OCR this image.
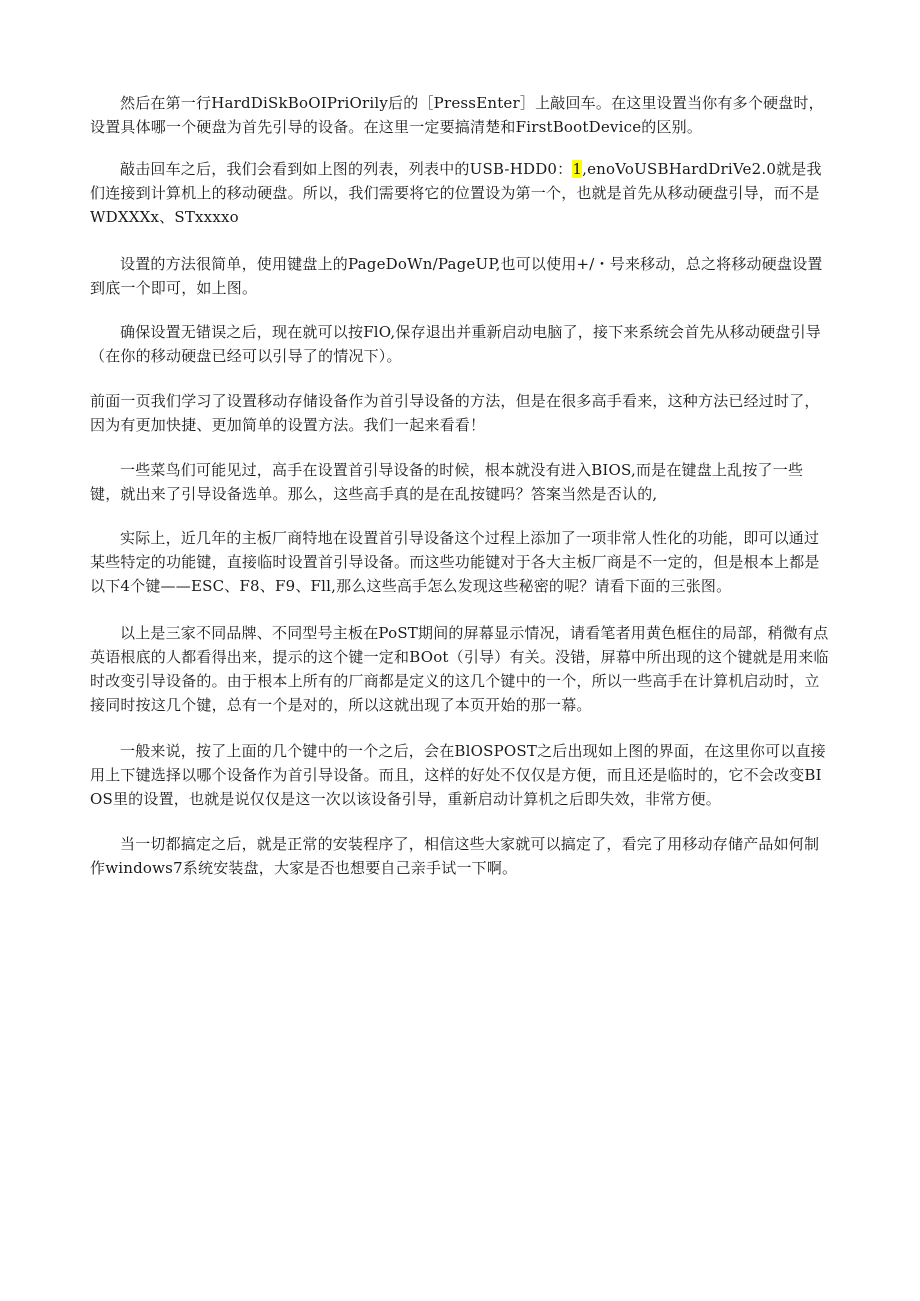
然后在第一行HardDiSkBoOIPriOrily后的［PressEnter］上敲回车。在这里设置当你有多个硬盘时，设置具体哪一个硬盘为首先引导的设备。在这里一定要搞清楚和FirstBootDevice的区别。

敲击回车之后，我们会看到如上图的列表，列表中的USB-HDD0：1,enoVoUSBHardDriVe2.0就是我们连接到计算机上的移动硬盘。所以，我们需要将它的位置设为第一个，也就是首先从移动硬盘引导，而不是WDXXXx、STxxxxo

设置的方法很简单，使用键盘上的PageDoWn/PageUP,也可以使用+/・号来移动，总之将移动硬盘设置到底一个即可，如上图。

确保设置无错误之后，现在就可以按FlO,保存退出并重新启动电脑了，接下来系统会首先从移动硬盘引导（在你的移动硬盘已经可以引导了的情况下）。

前面一页我们学习了设置移动存储设备作为首引导设备的方法，但是在很多高手看来，这种方法已经过时了，因为有更加快捷、更加简单的设置方法。我们一起来看看！

一些菜鸟们可能见过，高手在设置首引导设备的时候，根本就没有进入BIOS,而是在键盘上乱按了一些键，就出来了引导设备选单。那么，这些高手真的是在乱按键吗？答案当然是否认的,

实际上，近几年的主板厂商特地在设置首引导设备这个过程上添加了一项非常人性化的功能，即可以通过某些特定的功能键，直接临时设置首引导设备。而这些功能键对于各大主板厂商是不一定的，但是根本上都是以下4个键——ESC、F8、F9、Fll,那么这些高手怎么发现这些秘密的呢？请看下面的三张图。

以上是三家不同品牌、不同型号主板在PoST期间的屏幕显示情况，请看笔者用黄色框住的局部，稍微有点英语根底的人都看得出来，提示的这个键一定和BOot（引导）有关。没错，屏幕中所出现的这个键就是用来临时改变引导设备的。由于根本上所有的厂商都是定义的这几个键中的一个，所以一些高手在计算机启动时，立接同时按这几个键，总有一个是对的，所以这就出现了本页开始的那一幕。

一般来说，按了上面的几个键中的一个之后，会在BlOSPOST之后出现如上图的界面，在这里你可以直接用上下键选择以哪个设备作为首引导设备。而且，这样的好处不仅仅是方便，而且还是临时的，它不会改变BIOS里的设置，也就是说仅仅是这一次以该设备引导，重新启动计算机之后即失效，非常方便。

当一切都搞定之后，就是正常的安装程序了，相信这些大家就可以搞定了，看完了用移动存储产品如何制作windows7系统安装盘，大家是否也想要自己亲手试一下啊。
